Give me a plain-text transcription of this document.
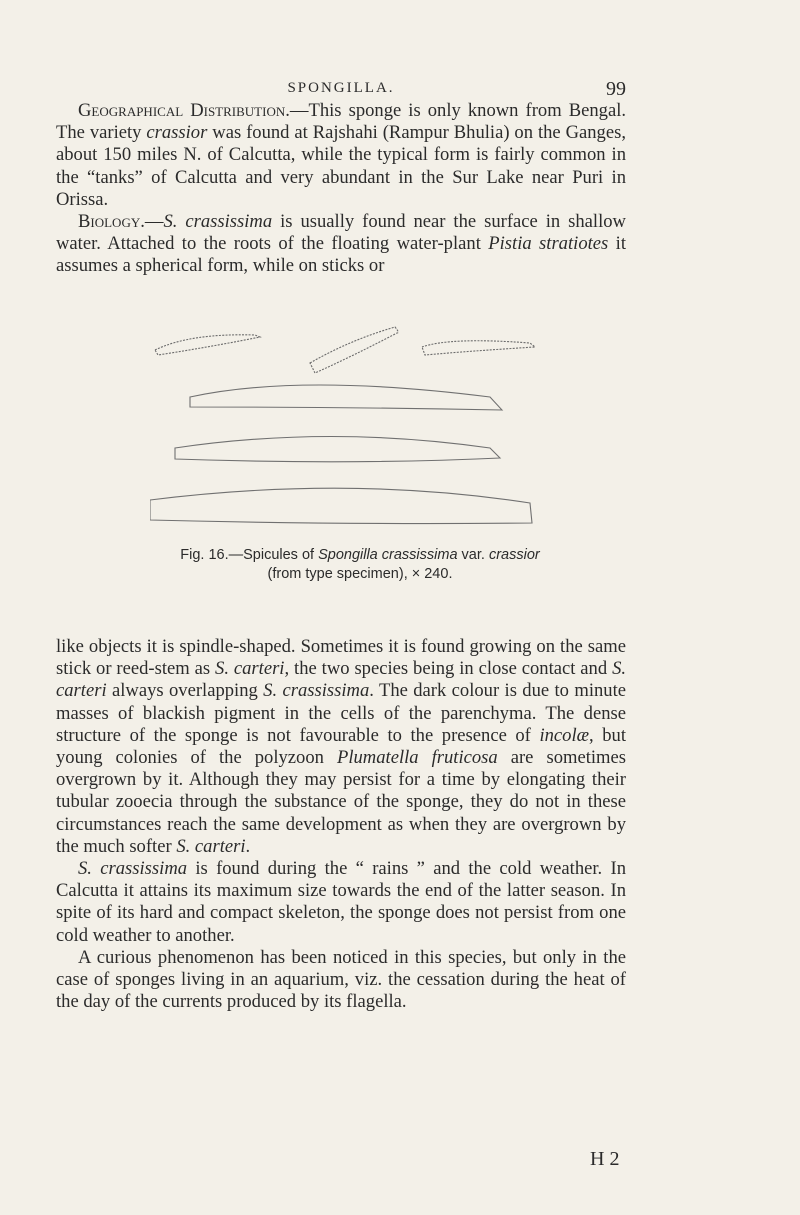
SPONGILLA.	99

Geographical Distribution.—This sponge is only known from Bengal. The variety crassior was found at Rajshahi (Rampur Bhulia) on the Ganges, about 150 miles N. of Calcutta, while the typical form is fairly common in the “tanks” of Calcutta and very abundant in the Sur Lake near Puri in Orissa.

Biology.—S. crassissima is usually found near the surface in shallow water. Attached to the roots of the floating water-plant Pistia stratiotes it assumes a spherical form, while on sticks or

Fig. 16.—Spicules of Spongilla crassissima var. crassior
(from type specimen), × 240.

like objects it is spindle-shaped. Sometimes it is found growing on the same stick or reed-stem as S. carteri, the two species being in close contact and S. carteri always overlapping S. crassissima. The dark colour is due to minute masses of blackish pigment in the cells of the parenchyma. The dense structure of the sponge is not favourable to the presence of incolæ, but young colonies of the polyzoon Plumatella fruticosa are sometimes overgrown by it. Although they may persist for a time by elongating their tubular zooecia through the substance of the sponge, they do not in these circumstances reach the same development as when they are overgrown by the much softer S. carteri.

S. crassissima is found during the “ rains ” and the cold weather. In Calcutta it attains its maximum size towards the end of the latter season. In spite of its hard and compact skeleton, the sponge does not persist from one cold weather to another.

A curious phenomenon has been noticed in this species, but only in the case of sponges living in an aquarium, viz. the cessation during the heat of the day of the currents produced by its flagella.

H 2
